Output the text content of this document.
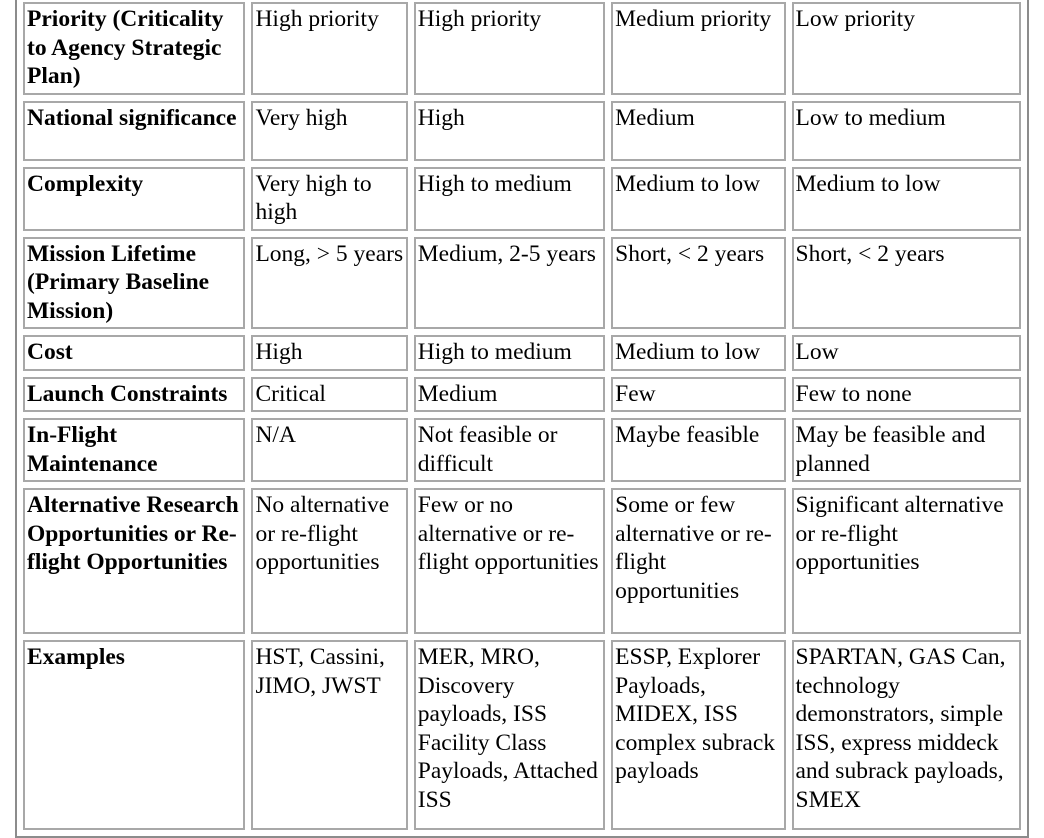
Priority (Criticality to Agency Strategic Plan)	High priority	High priority	Medium priority	Low priority

National significance	Very high	High	Medium	Low to medium

Complexity	Very high to high	High to medium	Medium to low	Medium to low

Mission Lifetime (Primary Baseline Mission)	Long, > 5 years	Medium, 2-5 years	Short, < 2 years	Short, < 2 years

Cost	High	High to medium	Medium to low	Low

Launch Constraints	Critical	Medium	Few	Few to none

In-Flight Maintenance	N/A	Not feasible or difficult	Maybe feasible	May be feasible and planned

Alternative Research Opportunities or Re-flight Opportunities	No alternative or re-flight opportunities	Few or no alternative or re-flight opportunities	Some or few alternative or re-flight opportunities	Significant alternative or re-flight opportunities

Examples	HST, Cassini, JIMO, JWST	MER, MRO, Discovery payloads, ISS Facility Class Payloads, Attached ISS	ESSP, Explorer Payloads, MIDEX, ISS complex subrack payloads	SPARTAN, GAS Can, technology demonstrators, simple ISS, express middeck and subrack payloads, SMEX
